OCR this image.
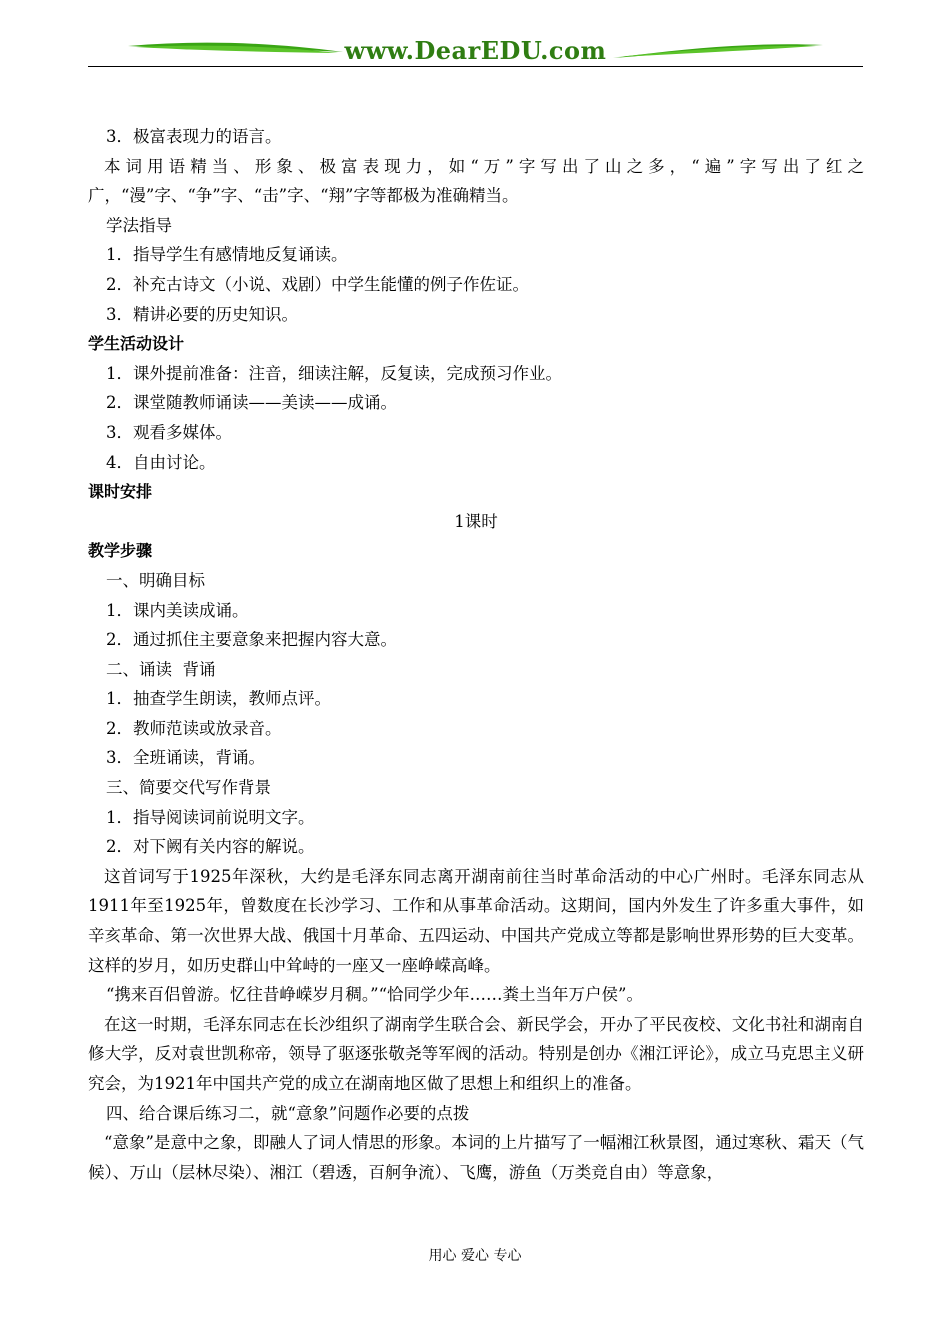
www.DearEDU.com
3．极富表现力的语言。
本词用语精当、形象、极富表现力，如“万”字写出了山之多，“遍”字写出了红之广，“漫”字、“争”字、“击”字、“翔”字等都极为准确精当。
学法指导
1．指导学生有感情地反复诵读。
2．补充古诗文（小说、戏剧）中学生能懂的例子作佐证。
3．精讲必要的历史知识。
学生活动设计
1．课外提前准备：注音，细读注解，反复读，完成预习作业。
2．课堂随教师诵读——美读——成诵。
3．观看多媒体。
4．自由讨论。
课时安排
1课时
教学步骤
一、明确目标
1．课内美读成诵。
2．通过抓住主要意象来把握内容大意。
二、诵读  背诵
1．抽查学生朗读，教师点评。
2．教师范读或放录音。
3．全班诵读，背诵。
三、简要交代写作背景
1．指导阅读词前说明文字。
2．对下阙有关内容的解说。
这首词写于1925年深秋，大约是毛泽东同志离开湖南前往当时革命活动的中心广州时。毛泽东同志从1911年至1925年，曾数度在长沙学习、工作和从事革命活动。这期间，国内外发生了许多重大事件，如辛亥革命、第一次世界大战、俄国十月革命、五四运动、中国共产党成立等都是影响世界形势的巨大变革。这样的岁月，如历史群山中耸峙的一座又一座峥嵘高峰。
“携来百侣曾游。忆往昔峥嵘岁月稠。”“恰同学少年……粪土当年万户侯”。
在这一时期，毛泽东同志在长沙组织了湖南学生联合会、新民学会，开办了平民夜校、文化书社和湖南自修大学，反对袁世凯称帝，领导了驱逐张敬尧等军阀的活动。特别是创办《湘江评论》，成立马克思主义研究会，为1921年中国共产党的成立在湖南地区做了思想上和组织上的准备。
四、给合课后练习二，就“意象”问题作必要的点拨
“意象”是意中之象，即融人了词人情思的形象。本词的上片描写了一幅湘江秋景图，通过寒秋、霜天（气候）、万山（层林尽染）、湘江（碧透，百舸争流）、飞鹰，游鱼（万类竞自由）等意象，
用心 爱心 专心
